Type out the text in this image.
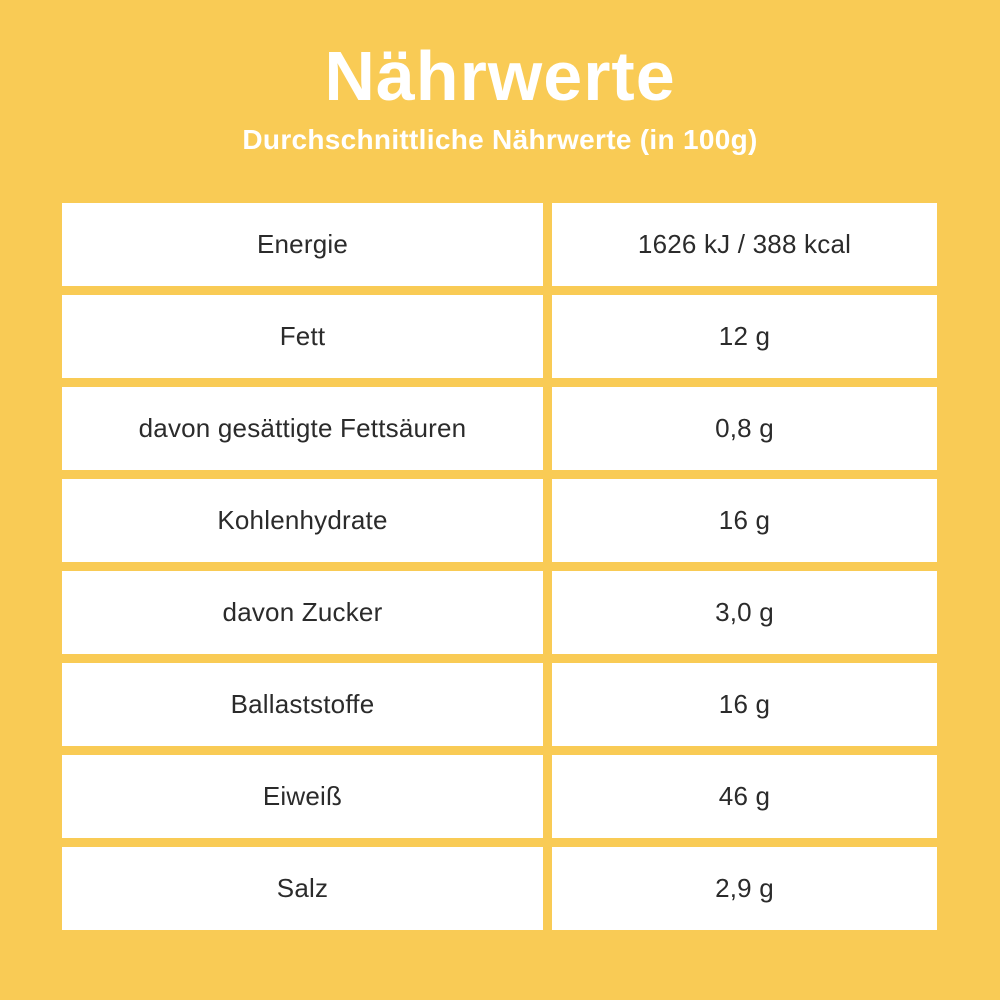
Nährwerte
Durchschnittliche Nährwerte (in 100g)
Energie	1626 kJ / 388 kcal
Fett	12 g
davon gesättigte Fettsäuren	0,8 g
Kohlenhydrate	16 g
davon Zucker	3,0 g
Ballaststoffe	16 g
Eiweiß	46 g
Salz	2,9 g
